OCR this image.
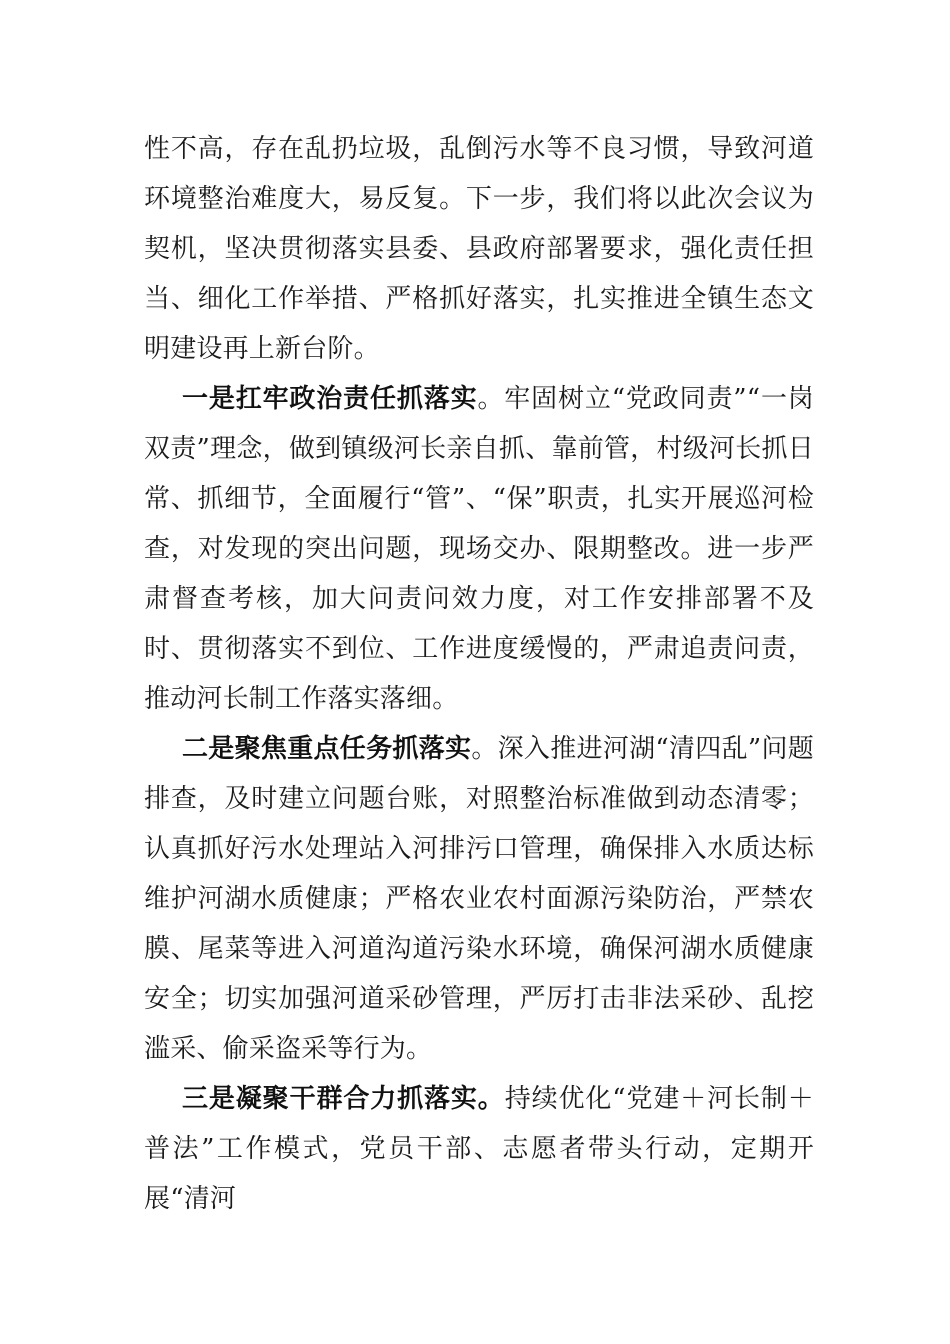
性不高，存在乱扔垃圾，乱倒污水等不良习惯，导致河道环境整治难度大，易反复。下一步，我们将以此次会议为契机，坚决贯彻落实县委、县政府部署要求，强化责任担当、细化工作举措、严格抓好落实，扎实推进全镇生态文明建设再上新台阶。

一是扛牢政治责任抓落实。牢固树立“党政同责”“一岗双责”理念，做到镇级河长亲自抓、靠前管，村级河长抓日常、抓细节，全面履行“管”、“保”职责，扎实开展巡河检查，对发现的突出问题，现场交办、限期整改。进一步严肃督查考核，加大问责问效力度，对工作安排部署不及时、贯彻落实不到位、工作进度缓慢的，严肃追责问责，推动河长制工作落实落细。

二是聚焦重点任务抓落实。深入推进河湖“清四乱”问题排查，及时建立问题台账，对照整治标准做到动态清零；认真抓好污水处理站入河排污口管理，确保排入水质达标维护河湖水质健康；严格农业农村面源污染防治，严禁农膜、尾菜等进入河道沟道污染水环境，确保河湖水质健康安全；切实加强河道采砂管理，严厉打击非法采砂、乱挖滥采、偷采盗采等行为。

三是凝聚干群合力抓落实。持续优化“党建＋河长制＋普法”工作模式，党员干部、志愿者带头行动，定期开展“清河
